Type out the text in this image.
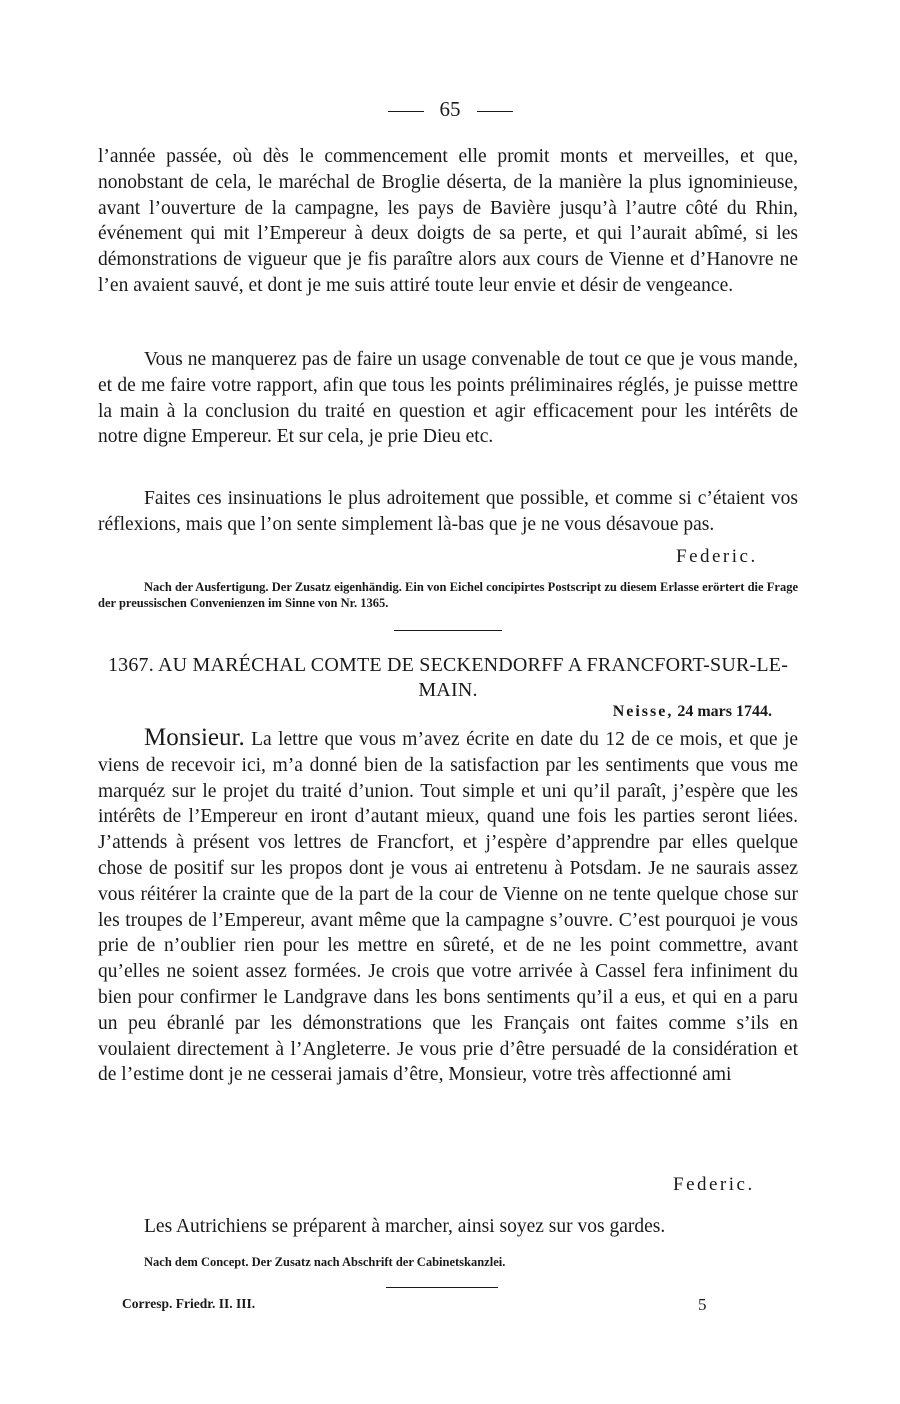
65

l’année passée, où dès le commencement elle promit monts et merveilles, et que, nonobstant de cela, le maréchal de Broglie déserta, de la manière la plus ignominieuse, avant l’ouverture de la campagne, les pays de Bavière jusqu’à l’autre côté du Rhin, événement qui mit l’Empereur à deux doigts de sa perte, et qui l’aurait abîmé, si les démonstrations de vigueur que je fis paraître alors aux cours de Vienne et d’Hanovre ne l’en avaient sauvé, et dont je me suis attiré toute leur envie et désir de vengeance.

Vous ne manquerez pas de faire un usage convenable de tout ce que je vous mande, et de me faire votre rapport, afin que tous les points préliminaires réglés, je puisse mettre la main à la conclusion du traité en question et agir efficacement pour les intérêts de notre digne Empereur. Et sur cela, je prie Dieu etc.

Faites ces insinuations le plus adroitement que possible, et comme si c’étaient vos réflexions, mais que l’on sente simplement là-bas que je ne vous désavoue pas.

Federic.
Nach der Ausfertigung. Der Zusatz eigenhändig. Ein von Eichel concipirtes Postscript zu diesem Erlasse erörtert die Frage der preussischen Convenienzen im Sinne von Nr. 1365.
1367. AU MARÉCHAL COMTE DE SECKENDORFF A FRANCFORT-SUR-LE-MAIN.
Neisse, 24 mars 1744.

Monsieur. La lettre que vous m’avez écrite en date du 12 de ce mois, et que je viens de recevoir ici, m’a donné bien de la satisfaction par les sentiments que vous me marquéz sur le projet du traité d’union. Tout simple et uni qu’il paraît, j’espère que les intérêts de l’Empereur en iront d’autant mieux, quand une fois les parties seront liées. J’attends à présent vos lettres de Francfort, et j’espère d’apprendre par elles quelque chose de positif sur les propos dont je vous ai entretenu à Potsdam. Je ne saurais assez vous réitérer la crainte que de la part de la cour de Vienne on ne tente quelque chose sur les troupes de l’Empereur, avant même que la campagne s’ouvre. C’est pourquoi je vous prie de n’oublier rien pour les mettre en sûreté, et de ne les point commettre, avant qu’elles ne soient assez formées. Je crois que votre arrivée à Cassel fera infiniment du bien pour confirmer le Landgrave dans les bons sentiments qu’il a eus, et qui en a paru un peu ébranlé par les démonstrations que les Français ont faites comme s’ils en voulaient directement à l’Angleterre. Je vous prie d’être persuadé de la considération et de l’estime dont je ne cesserai jamais d’être, Monsieur, votre très affectionné ami

Federic.

Les Autrichiens se préparent à marcher, ainsi soyez sur vos gardes.

Nach dem Concept. Der Zusatz nach Abschrift der Cabinetskanzlei.
Corresp. Friedr. II. III.	5
